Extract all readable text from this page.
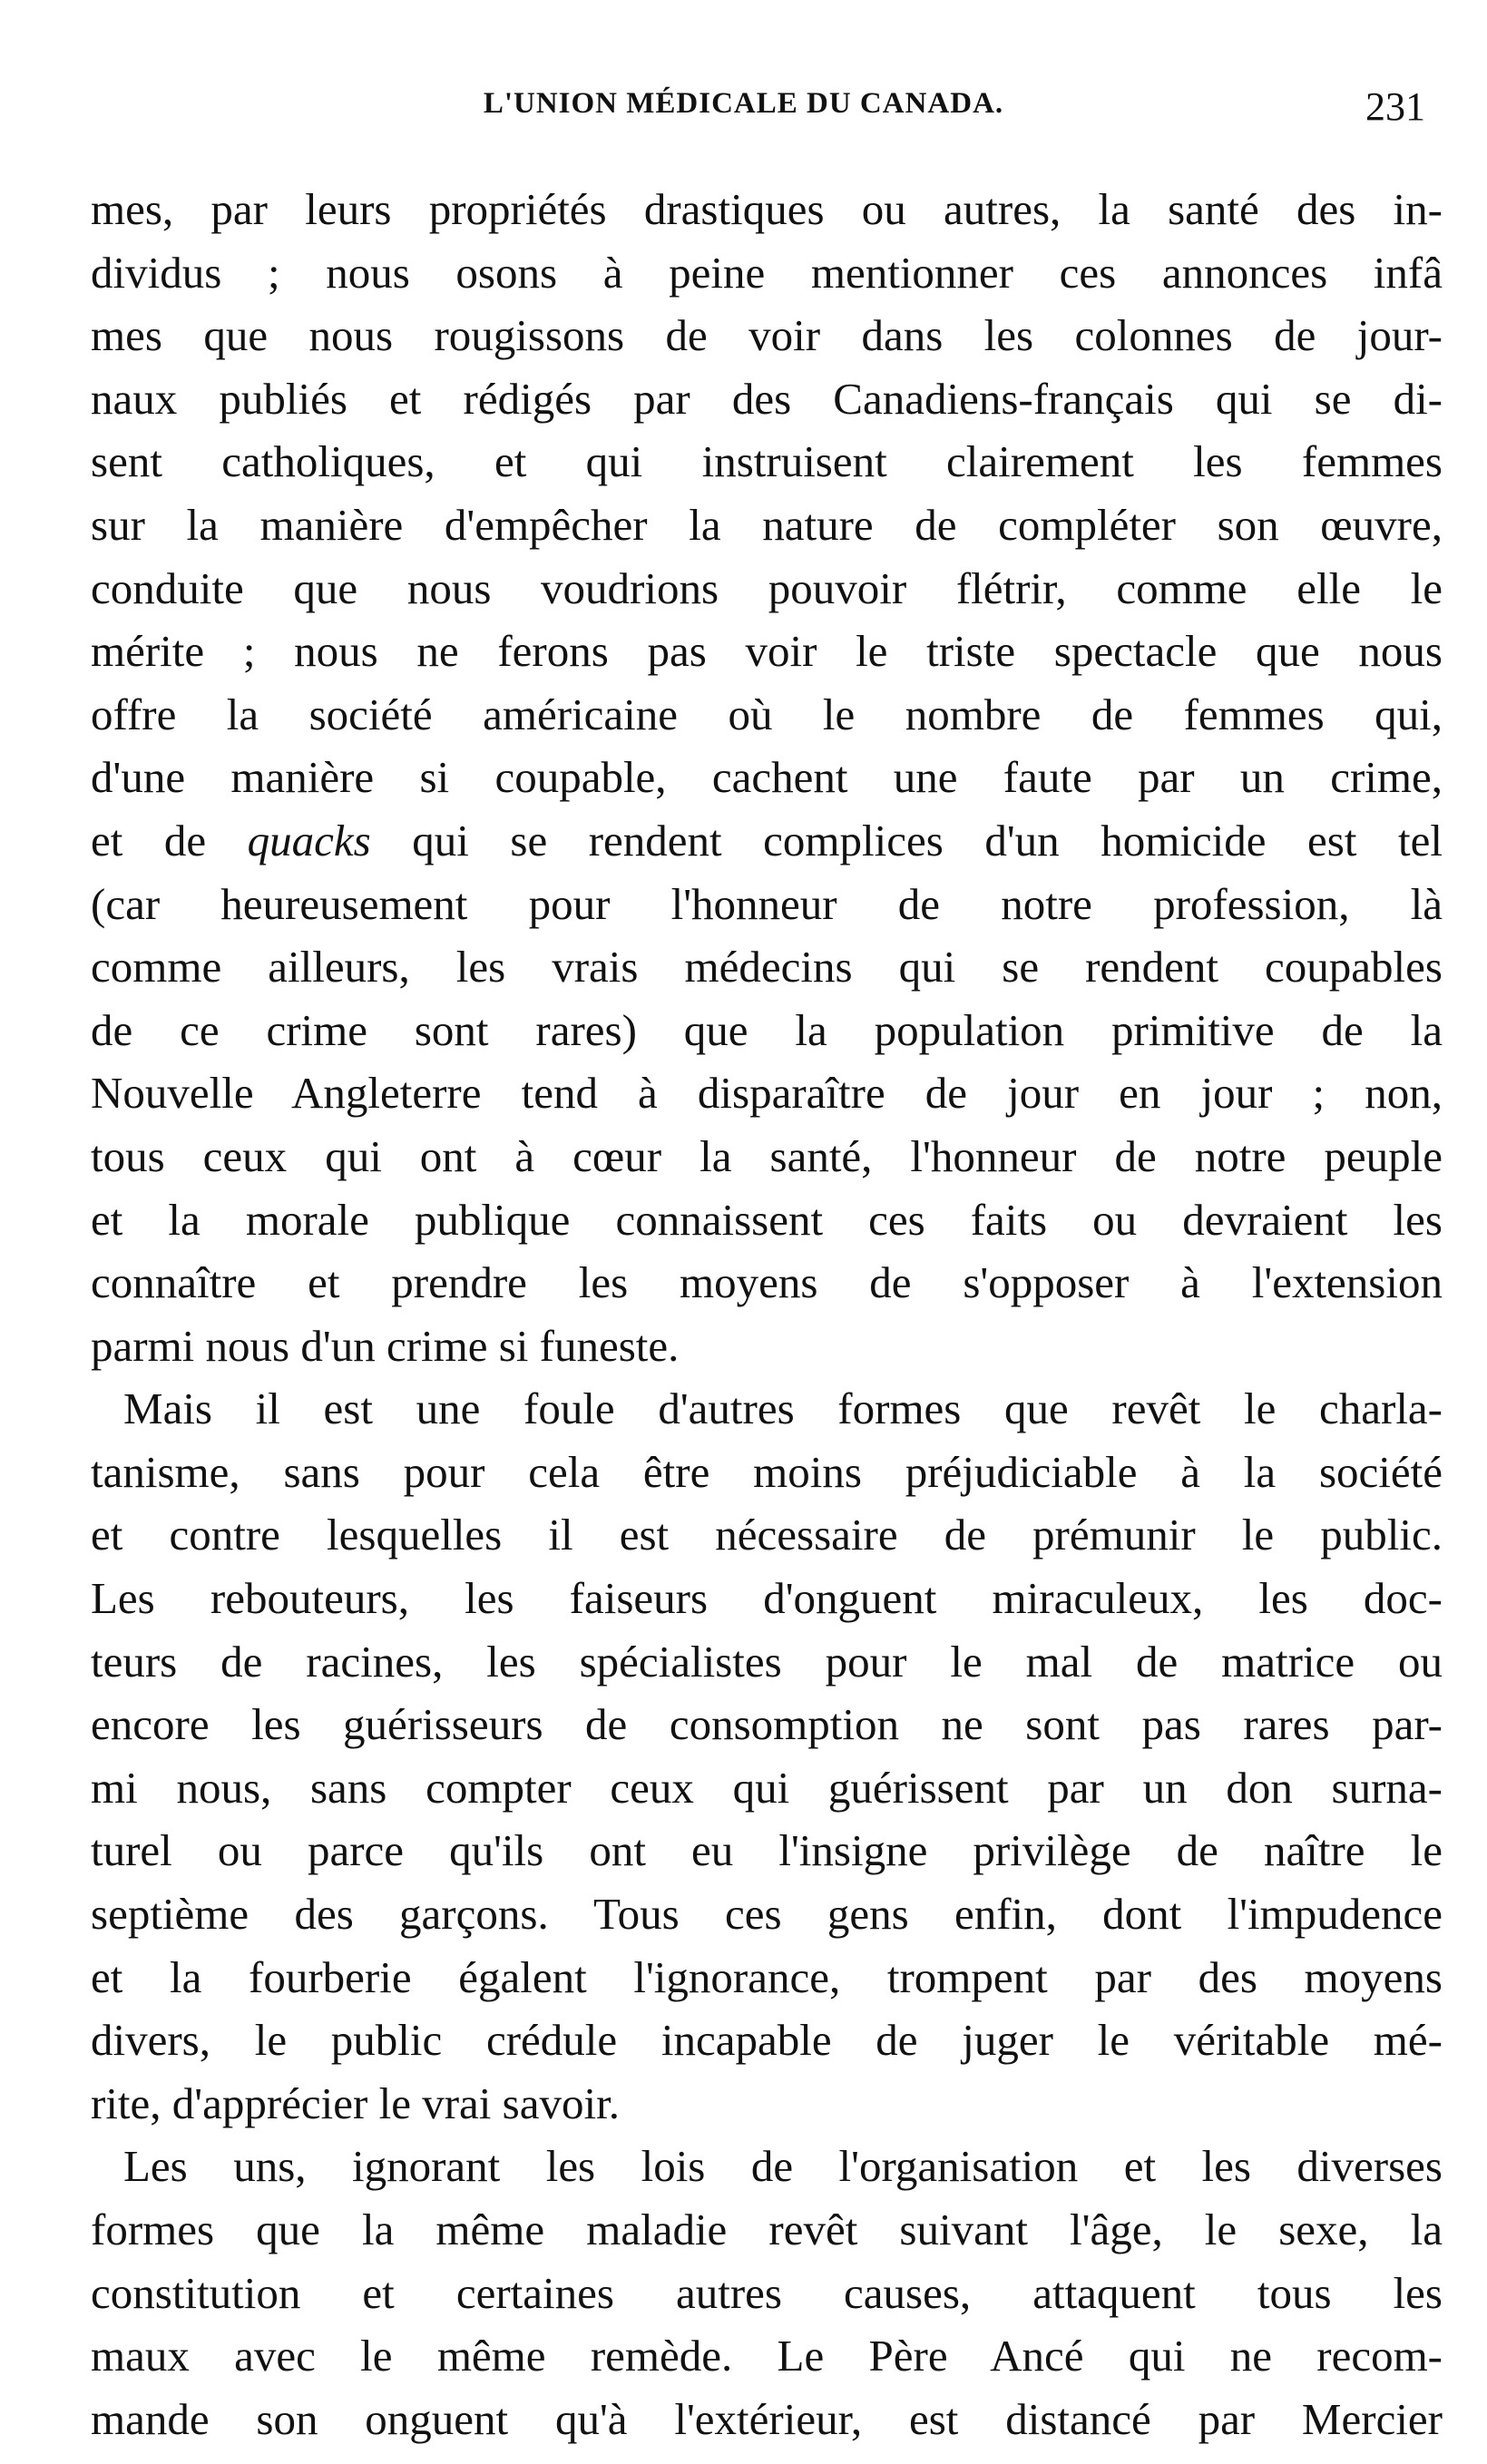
L'UNION MÉDICALE DU CANADA.	231
mes, par leurs propriétés drastiques ou autres, la santé des in-
dividus ; nous osons à peine mentionner ces annonces infâ
mes que nous rougissons de voir dans les colonnes de jour-
naux publiés et rédigés par des Canadiens-français qui se di-
sent catholiques, et qui instruisent clairement les femmes
sur la manière d'empêcher la nature de compléter son œuvre,
conduite que nous voudrions pouvoir flétrir, comme elle le
mérite ; nous ne ferons pas voir le triste spectacle que nous
offre la société américaine où le nombre de femmes qui,
d'une manière si coupable, cachent une faute par un crime,
et de quacks qui se rendent complices d'un homicide est tel
(car heureusement pour l'honneur de notre profession, là
comme ailleurs, les vrais médecins qui se rendent coupables
de ce crime sont rares) que la population primitive de la
Nouvelle Angleterre tend à disparaître de jour en jour ; non,
tous ceux qui ont à cœur la santé, l'honneur de notre peuple
et la morale publique connaissent ces faits ou devraient les
connaître et prendre les moyens de s'opposer à l'extension
parmi nous d'un crime si funeste.
Mais il est une foule d'autres formes que revêt le charla-
tanisme, sans pour cela être moins préjudiciable à la société
et contre lesquelles il est nécessaire de prémunir le public.
Les rebouteurs, les faiseurs d'onguent miraculeux, les doc-
teurs de racines, les spécialistes pour le mal de matrice ou
encore les guérisseurs de consomption ne sont pas rares par-
mi nous, sans compter ceux qui guérissent par un don surna-
turel ou parce qu'ils ont eu l'insigne privilège de naître le
septième des garçons. Tous ces gens enfin, dont l'impudence
et la fourberie égalent l'ignorance, trompent par des moyens
divers, le public crédule incapable de juger le véritable mé-
rite, d'apprécier le vrai savoir.
Les uns, ignorant les lois de l'organisation et les diverses
formes que la même maladie revêt suivant l'âge, le sexe, la
constitution et certaines autres causes, attaquent tous les
maux avec le même remède. Le Père Ancé qui ne recom-
mande son onguent qu'à l'extérieur, est distancé par Mercier
